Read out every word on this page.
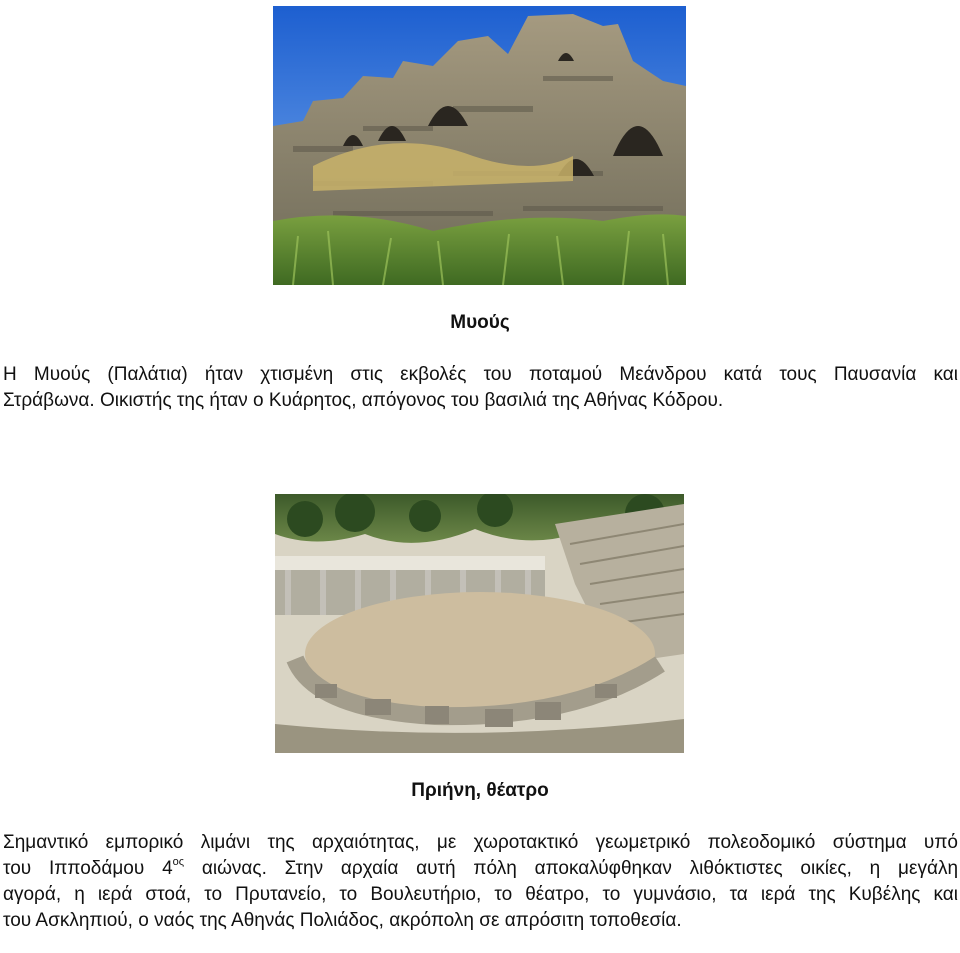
Μυούς
Η Μυούς (Παλάτια) ήταν χτισμένη στις εκβολές του ποταμού Μεάνδρου κατά τους Παυσανία και
Στράβωνα. Οικιστής της ήταν ο Κυάρητος, απόγονος του βασιλιά της Αθήνας Κόδρου.
Πριήνη, θέατρο
Σημαντικό εμπορικό λιμάνι της αρχαιότητας, με χωροτακτικό γεωμετρικό πολεοδομικό σύστημα υπό
του Ιπποδάμου $4^{o\varsigma}$ αιώνας. Στην αρχαία αυτή πόλη αποκαλύφθηκαν λιθόκτιστες οικίες, η μεγάλη
αγορά, η ιερά στοά, το Πρυτανείο, το Βουλευτήριο, το θέατρο, το γυμνάσιο, τα ιερά της Κυβέλης και
του Ασκληπιού, ο ναός της Αθηνάς Πολιάδος, ακρόπολη σε απρόσιτη τοποθεσία.
